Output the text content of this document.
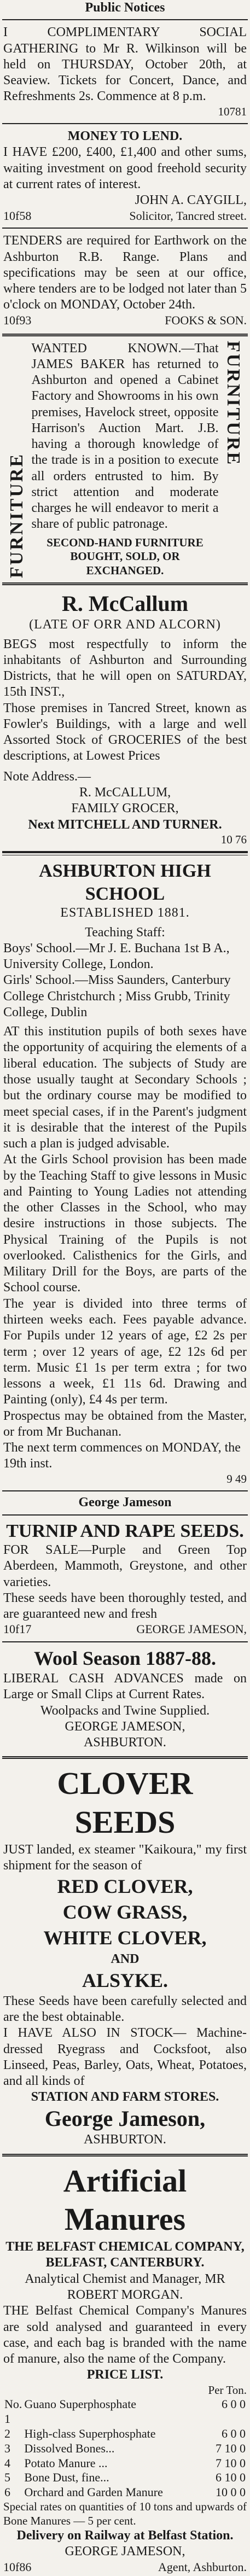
Public Notices
I COMPLIMENTARY SOCIAL GATHERING to Mr R. Wilkinson will be held on THURSDAY, October 20th, at Seaview. Tickets for Concert, Dance, and Refreshments 2s. Commence at 8 p.m.
10781
MONEY TO LEND.
I HAVE £200, £400, £1,400 and other sums, waiting investment on good freehold security at current rates of interest.
JOHN A. CAYGILL,
10f58	Solicitor, Tancred street.
TENDERS are required for Earthwork on the Ashburton R.B. Range. Plans and specifications may be seen at our office, where tenders are to be lodged not later than 5 o'clock on MONDAY, October 24th.
10f93	FOOKS & SON.
FURNITURE
WANTED KNOWN.—That JAMES BAKER has returned to Ashburton and opened a Cabinet Factory and Showrooms in his own premises, Havelock street, opposite Harrison's Auction Mart. J.B. having a thorough knowledge of the trade is in a position to execute all orders entrusted to him. By strict attention and moderate charges he will endeavor to merit a share of public patronage.
SECOND-HAND FURNITURE BOUGHT, SOLD, OR EXCHANGED.
FURNITURE
R. McCallum
(LATE OF ORR AND ALCORN)
BEGS most respectfully to inform the inhabitants of Ashburton and Surrounding Districts, that he will open on SATURDAY, 15th INST.,
Those premises in Tancred Street, known as Fowler's Buildings, with a large and well Assorted Stock of GROCERIES of the best descriptions, at Lowest Prices
Note Address.—
R. McCALLUM,
FAMILY GROCER,
Next MITCHELL AND TURNER.
10 76
ASHBURTON HIGH SCHOOL
ESTABLISHED 1881.
Teaching Staff:
Boys' School.—Mr J. E. Buchana 1st B A., University College, London.
Girls' School.—Miss Saunders, Canterbury College Christchurch ; Miss Grubb, Trinity College, Dublin
AT this institution pupils of both sexes have the opportunity of acquiring the elements of a liberal education. The subjects of Study are those usually taught at Secondary Schools ; but the ordinary course may be modified to meet special cases, if in the Parent's judgment it is desirable that the interest of the Pupils such a plan is judged advisable.
At the Girls School provision has been made by the Teaching Staff to give lessons in Music and Painting to Young Ladies not attending the other Classes in the School, who may desire instructions in those subjects. The Physical Training of the Pupils is not overlooked. Calisthenics for the Girls, and Military Drill for the Boys, are parts of the School course.
The year is divided into three terms of thirteen weeks each. Fees payable advance. For Pupils under 12 years of age, £2 2s per term ; over 12 years of age, £2 12s 6d per term. Music £1 1s per term extra ; for two lessons a week, £1 11s 6d. Drawing and Painting (only), £4 4s per term.
Prospectus may be obtained from the Master, or from Mr Buchanan.
The next term commences on MONDAY, the 19th inst.
9 49
George Jameson
TURNIP AND RAPE SEEDS.
FOR SALE—Purple and Green Top Aberdeen, Mammoth, Greystone, and other varieties.
These seeds have been thoroughly tested, and are guaranteed new and fresh
10f17	GEORGE JAMESON,
Wool Season 1887-88.
LIBERAL CASH ADVANCES made on Large or Small Clips at Current Rates.
Woolpacks and Twine Supplied.
GEORGE JAMESON,
ASHBURTON.
CLOVER SEEDS
JUST landed, ex steamer "Kaikoura," my first shipment for the season of
RED CLOVER,
COW GRASS,
WHITE CLOVER,
AND
ALSYKE.
These Seeds have been carefully selected and are the best obtainable.
I HAVE ALSO IN STOCK— Machine-dressed Ryegrass and Cocksfoot, also Linseed, Peas, Barley, Oats, Wheat, Potatoes, and all kinds of
STATION AND FARM STORES.
George Jameson,
ASHBURTON.
Artificial Manures
THE BELFAST CHEMICAL COMPANY, BELFAST, CANTERBURY.
Analytical Chemist and Manager, MR ROBERT MORGAN.
THE Belfast Chemical Company's Manures are sold analysed and guaranteed in every case, and each bag is branded with the name of manure, also the name of the Company.
PRICE LIST.
Per Ton.
No. 1	Guano Superphosphate	6 0 0
2	High-class Superphosphate	6 0 0
3	Dissolved Bones...	7 10 0
4	Potato Manure ...	7 10 0
5	Bone Dust, fine...	6 10 0
6	Orchard and Garden Manure	10 0 0
Special rates on quantities of 10 tons and upwards of Bone Manures — 5 per cent.
Delivery on Railway at Belfast Station.
GEORGE JAMESON,
10f86	Agent, Ashburton.
